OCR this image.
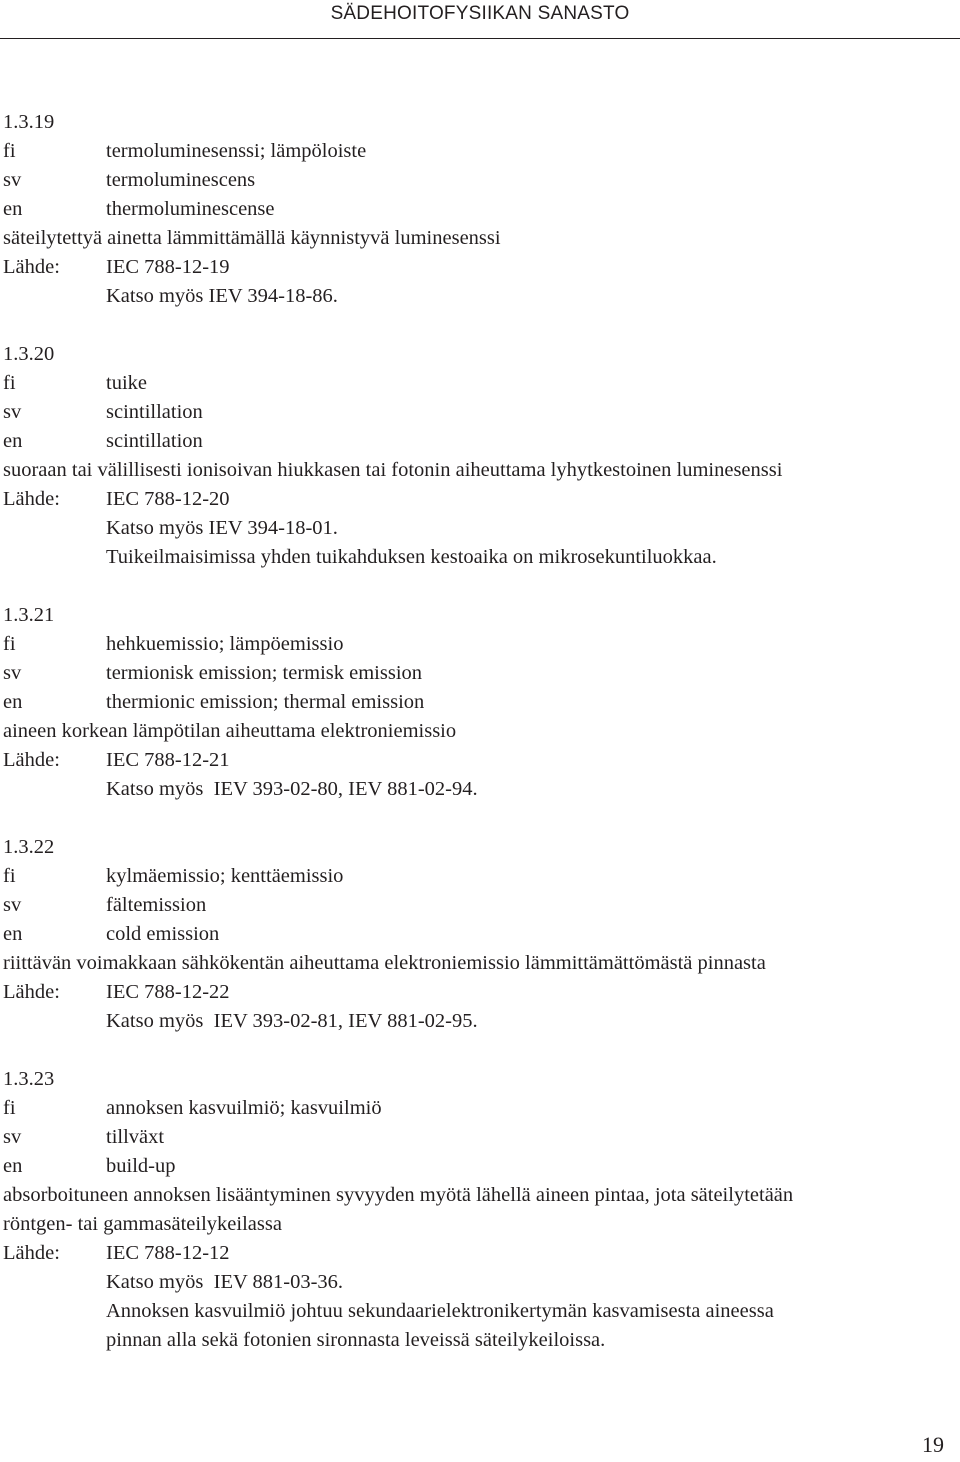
SÄDEHOITOFYSIIKAN SANASTO
1.3.19
fi	termoluminesenssi; lämpöloiste
sv	termoluminescens
en	thermoluminescense
säteilytettyä ainetta lämmittämällä käynnistyvä luminesenssi
Lähde:	IEC 788-12-19
Katso myös IEV 394-18-86.
1.3.20
fi	tuike
sv	scintillation
en	scintillation
suoraan tai välillisesti ionisoivan hiukkasen tai fotonin aiheuttama lyhytkestoinen luminesenssi
Lähde:	IEC 788-12-20
Katso myös IEV 394-18-01.
Tuikeilmaisimissa yhden tuikahduksen kestoaika on mikrosekuntiluokkaa.
1.3.21
fi	hehkuemissio; lämpöemissio
sv	termionisk emission; termisk emission
en	thermionic emission; thermal emission
aineen korkean lämpötilan aiheuttama elektroniemissio
Lähde:	IEC 788-12-21
Katso myös  IEV 393-02-80, IEV 881-02-94.
1.3.22
fi	kylmäemissio; kenttäemissio
sv	fältemission
en	cold emission
riittävän voimakkaan sähkökentän aiheuttama elektroniemissio lämmittämättömästä pinnasta
Lähde:	IEC 788-12-22
Katso myös  IEV 393-02-81, IEV 881-02-95.
1.3.23
fi	annoksen kasvuilmiö; kasvuilmiö
sv	tillväxt
en	build-up
absorboituneen annoksen lisääntyminen syvyyden myötä lähellä aineen pintaa, jota säteilytetään
röntgen- tai gammasäteilykeilassa
Lähde:	IEC 788-12-12
Katso myös  IEV 881-03-36.
Annoksen kasvuilmiö johtuu sekundaarielektronikertymän kasvamisesta aineessa
pinnan alla sekä fotonien sironnasta leveissä säteilykeiloissa.
19
